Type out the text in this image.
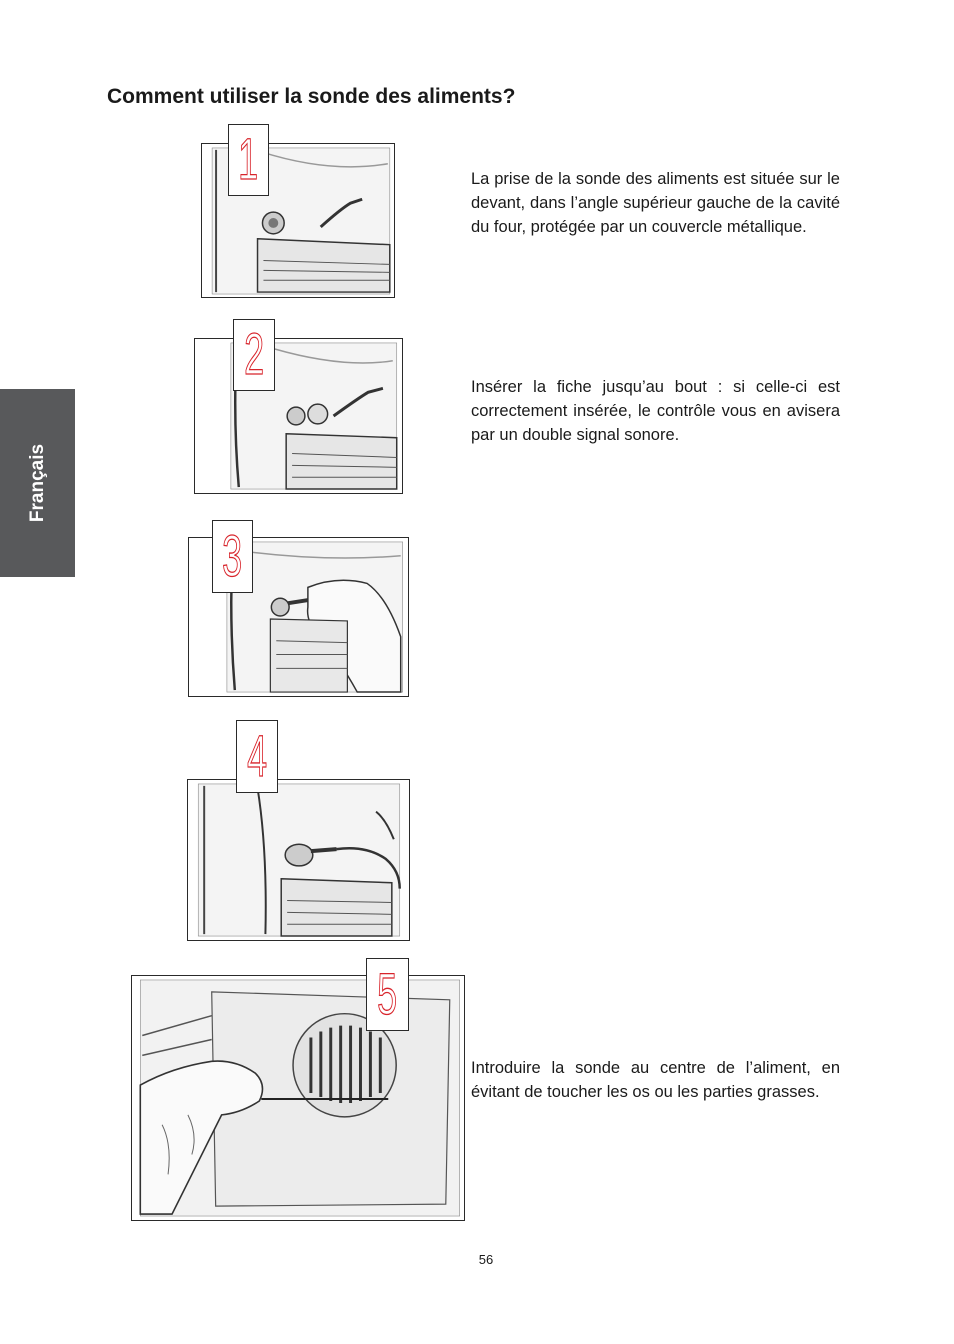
Français
Comment utiliser la sonde des aliments?
1	La prise de la sonde des aliments est située sur le devant, dans l’angle supérieur gauche de la cavité du four, protégée par un couvercle métallique.

2	Insérer la fiche jusqu’au bout : si celle-ci est correctement insérée, le contrôle vous en avisera par un double signal sonore.

3
4
5

Introduire la sonde au centre de l’aliment, en évitant de toucher les os ou les parties grasses.

56
